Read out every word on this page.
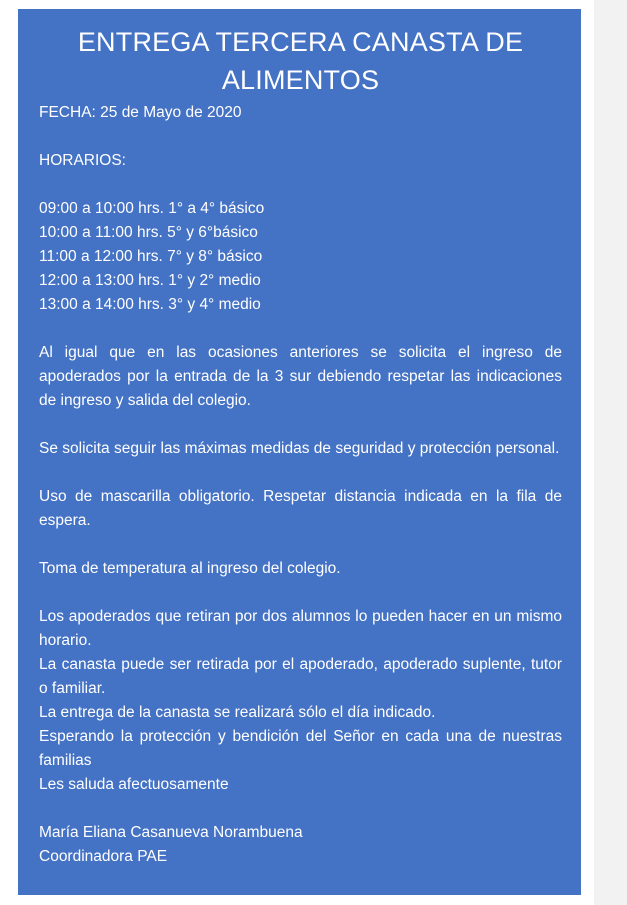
ENTREGA TERCERA CANASTA DE ALIMENTOS

FECHA: 25 de Mayo de 2020

HORARIOS:

09:00 a 10:00 hrs. 1° a 4° básico
10:00 a 11:00 hrs. 5° y 6°básico
11:00 a 12:00 hrs. 7° y 8° básico
12:00 a 13:00 hrs. 1° y 2° medio
13:00 a 14:00 hrs. 3° y 4° medio

Al igual que en las ocasiones anteriores se solicita el ingreso de apoderados por la entrada de la 3 sur debiendo respetar las indicaciones de ingreso y salida del colegio.

Se solicita seguir las máximas medidas de seguridad y protección personal.

Uso de mascarilla obligatorio. Respetar distancia indicada en la fila de espera.

Toma de temperatura al ingreso del colegio.

Los apoderados que retiran por dos alumnos lo pueden hacer en un mismo horario.

La canasta puede ser retirada por el apoderado, apoderado suplente, tutor o familiar.

La entrega de la canasta se realizará sólo el día indicado.

Esperando la protección y bendición del Señor en cada una de nuestras familias

Les saluda afectuosamente

María Eliana Casanueva Norambuena

Coordinadora PAE
